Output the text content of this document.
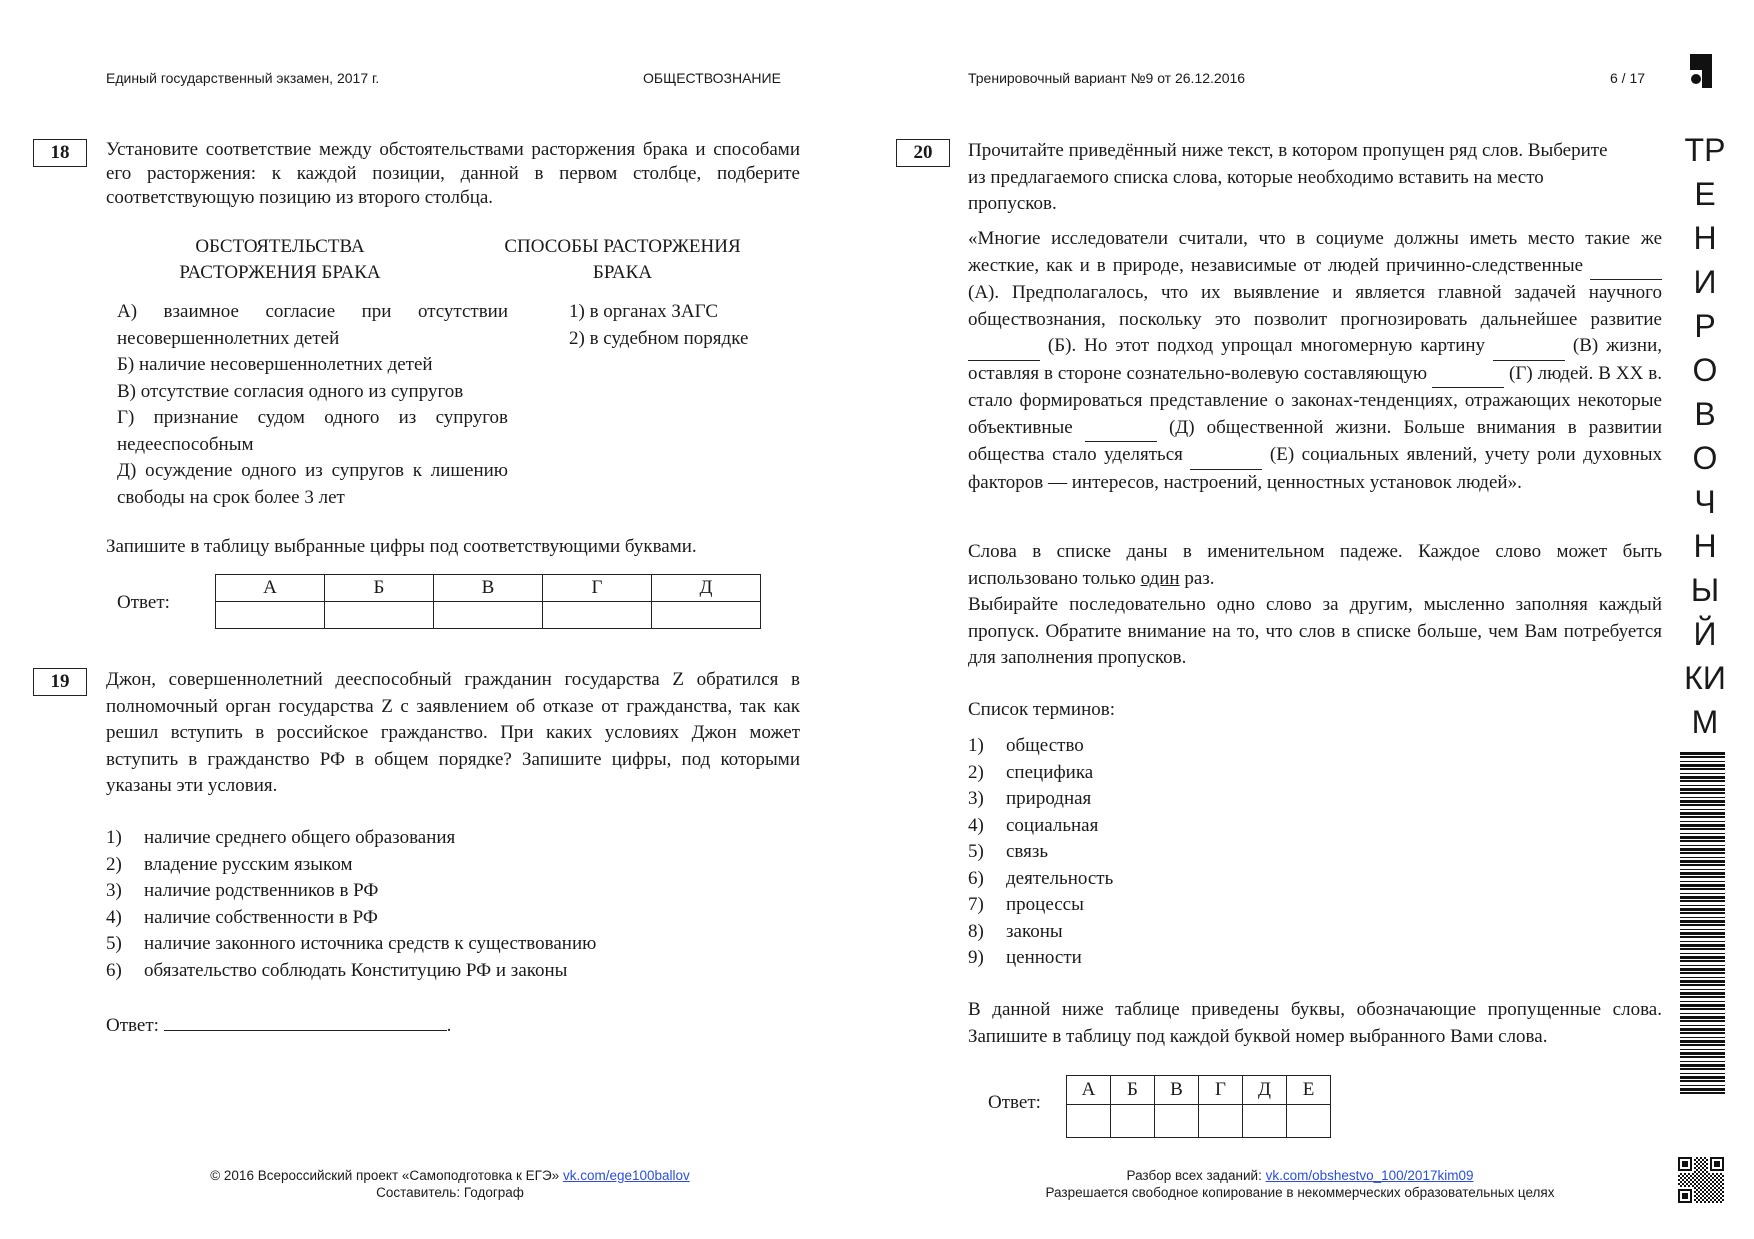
Единый государственный экзамен, 2017 г.	ОБЩЕСТВОЗНАНИЕ	Тренировочный вариант №9 от 26.12.2016	6 / 17
18	Установите соответствие между обстоятельствами расторжения брака и способами его расторжения: к каждой позиции, данной в первом столбце, подберите соответствующую позицию из второго столбца.
ОБСТОЯТЕЛЬСТВА
РАСТОРЖЕНИЯ БРАКА
СПОСОБЫ РАСТОРЖЕНИЯ
БРАКА
А) взаимное согласие при отсутствии несовершеннолетних детей
Б) наличие несовершеннолетних детей
В) отсутствие согласия одного из супругов
Г) признание судом одного из супругов недееспособным
Д) осуждение одного из супругов к лишению свободы на срок более 3 лет
1) в органах ЗАГС
2) в судебном порядке
Запишите в таблицу выбранные цифры под соответствующими буквами.
Ответ:
А	Б	В	Г	Д

19	Джон, совершеннолетний дееспособный гражданин государства Z обратился в полномочный орган государства Z с заявлением об отказе от гражданства, так как решил вступить в российское гражданство. При каких условиях Джон может вступить в гражданство РФ в общем порядке? Запишите цифры, под которыми указаны эти условия.
1)	наличие среднего общего образования
2)	владение русским языком
3)	наличие родственников в РФ
4)	наличие собственности в РФ
5)	наличие законного источника средств к существованию
6)	обязательство соблюдать Конституцию РФ и законы
Ответ:	.
20	Прочитайте приведённый ниже текст, в котором пропущен ряд слов. Выберите из предлагаемого списка слова, которые необходимо вставить на место пропусков.
«Многие исследователи считали, что в социуме должны иметь место такие же жесткие, как и в природе, независимые от людей причинно-следственные   (А). Предполагалось, что их выявление и является главной задачей научного обществознания, поскольку это позволит прогнозировать дальнейшее развитие   (Б). Но этот подход упрощал многомерную картину	(В) жизни, оставляя в стороне сознательно-волевую составляющую	(Г) людей. В XX в. стало формироваться представление о законах-тенденциях, отражающих некоторые объективные	(Д) общественной жизни. Больше внимания в развитии общества стало уделяться	(Е) социальных явлений, учету роли духовных факторов — интересов, настроений, ценностных установок людей».
Слова в списке даны в именительном падеже. Каждое слово может быть использовано только один раз.
Выбирайте последовательно одно слово за другим, мысленно заполняя каждый пропуск. Обратите внимание на то, что слов в списке больше, чем Вам потребуется для заполнения пропусков.
Список терминов:
1)	общество
2)	специфика
3)	природная
4)	социальная
5)	связь
6)	деятельность
7)	процессы
8)	законы
9)	ценности
В данной ниже таблице приведены буквы, обозначающие пропущенные слова. Запишите в таблицу под каждой буквой номер выбранного Вами слова.
Ответ:
А	Б	В	Г	Д	Е

© 2016 Всероссийский проект «Самоподготовка к ЕГЭ» vk.com/ege100ballov
Составитель: Годограф
Разбор всех заданий: vk.com/obshestvo_100/2017kim09
Разрешается свободное копирование в некоммерческих образовательных целях
ТР
Е
Н
И
Р
О
В
О
Ч
Н
Ы
Й
КИ
М
